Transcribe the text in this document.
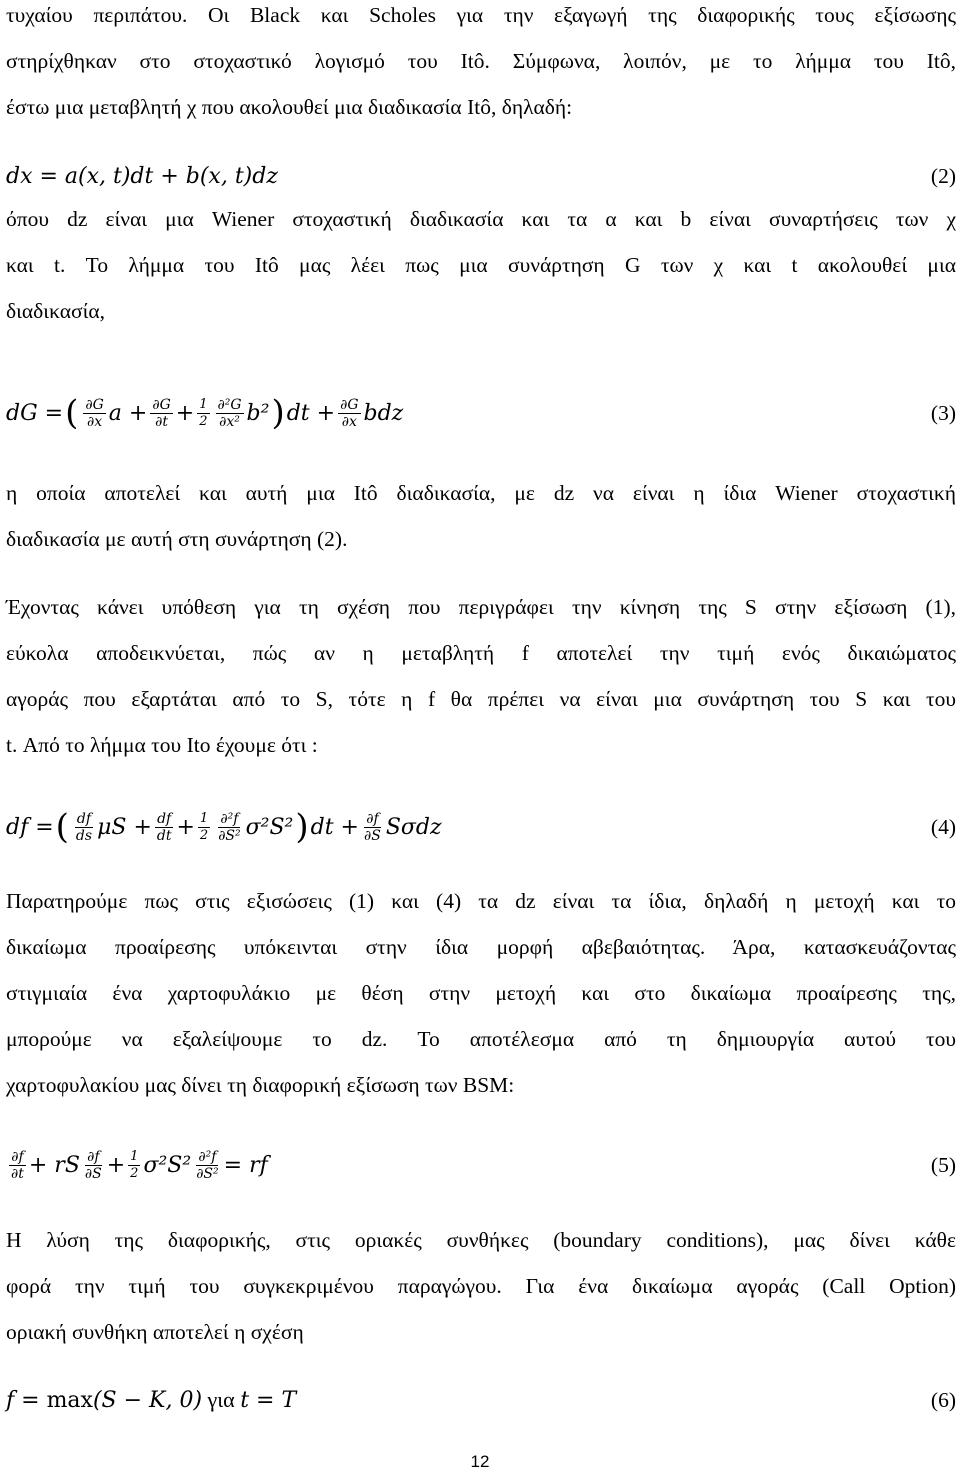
τυχαίου περιπάτου. Οι Black και Scholes για την εξαγωγή της διαφορικής τους εξίσωσης
στηρίχθηκαν στο στοχαστικό λογισμό του Itô. Σύμφωνα, λοιπόν, με το λήμμα του Itô,
έστω μια μεταβλητή χ που ακολουθεί μια διαδικασία Itô, δηλαδή:
dx = a(x, t)dt + b(x, t)dz	(2)
όπου dz είναι μια Wiener στοχαστική διαδικασία και τα α και b είναι συναρτήσεις των χ
και t. Το λήμμα του Itô μας λέει πως μια συνάρτηση G των χ και t ακολουθεί μια
διαδικασία,
dG = ( $\frac{\partial G}{\partial x}$ $a + \frac{\partial G}{\partial t} + \frac{1}{2} \frac{\text{∂²G}}{\text{∂x²}} b^2$ ) dt + $\frac{\partial G}{\partial x}$ bdz	(3)
η οποία αποτελεί και αυτή μια Itô διαδικασία, με dz να είναι η ίδια Wiener στοχαστική
διαδικασία με αυτή στη συνάρτηση (2).
Έχοντας κάνει υπόθεση για τη σχέση που περιγράφει την κίνηση της S στην εξίσωση (1),
εύκολα αποδεικνύεται, πώς αν η μεταβλητή f αποτελεί την τιμή ενός δικαιώματος
αγοράς που εξαρτάται από το S, τότε η f θα πρέπει να είναι μια συνάρτηση του S και του
t. Από το λήμμα του Ito έχουμε ότι :
df = ( $\frac{df}{ds}$ $\mu S + \frac{df}{dt} + \frac{1}{2} \frac{\text{∂²f}}{\text{∂S²}} \sigma^2S^2$ ) dt + $\frac{\partial f}{\partial S}$ Sσdz	(4)
Παρατηρούμε πως στις εξισώσεις (1) και (4) τα dz είναι τα ίδια, δηλαδή η μετοχή και το
δικαίωμα προαίρεσης υπόκεινται στην ίδια μορφή αβεβαιότητας. Άρα, κατασκευάζοντας
στιγμιαία ένα χαρτοφυλάκιο με θέση στην μετοχή και στο δικαίωμα προαίρεσης της,
μπορούμε να εξαλείψουμε το dz. Το αποτέλεσμα από τη δημιουργία αυτού του
χαρτοφυλακίου μας δίνει τη διαφορική εξίσωση των BSM:
$\frac{\partial f}{\partial t}$ + rS $\frac{\partial f}{\partial S} + \frac{1}{2} \sigma^2S^2 \frac{\text{∂²f}}{\text{∂S²}}$ = rf	(5)
Η λύση της διαφορικής, στις οριακές συνθήκες (boundary conditions), μας δίνει κάθε
φορά την τιμή του συγκεκριμένου παραγώγου. Για ένα δικαίωμα αγοράς (Call Option)
οριακή συνθήκη αποτελεί η σχέση
f = max (S − K, 0) για t = T	(6)
12
